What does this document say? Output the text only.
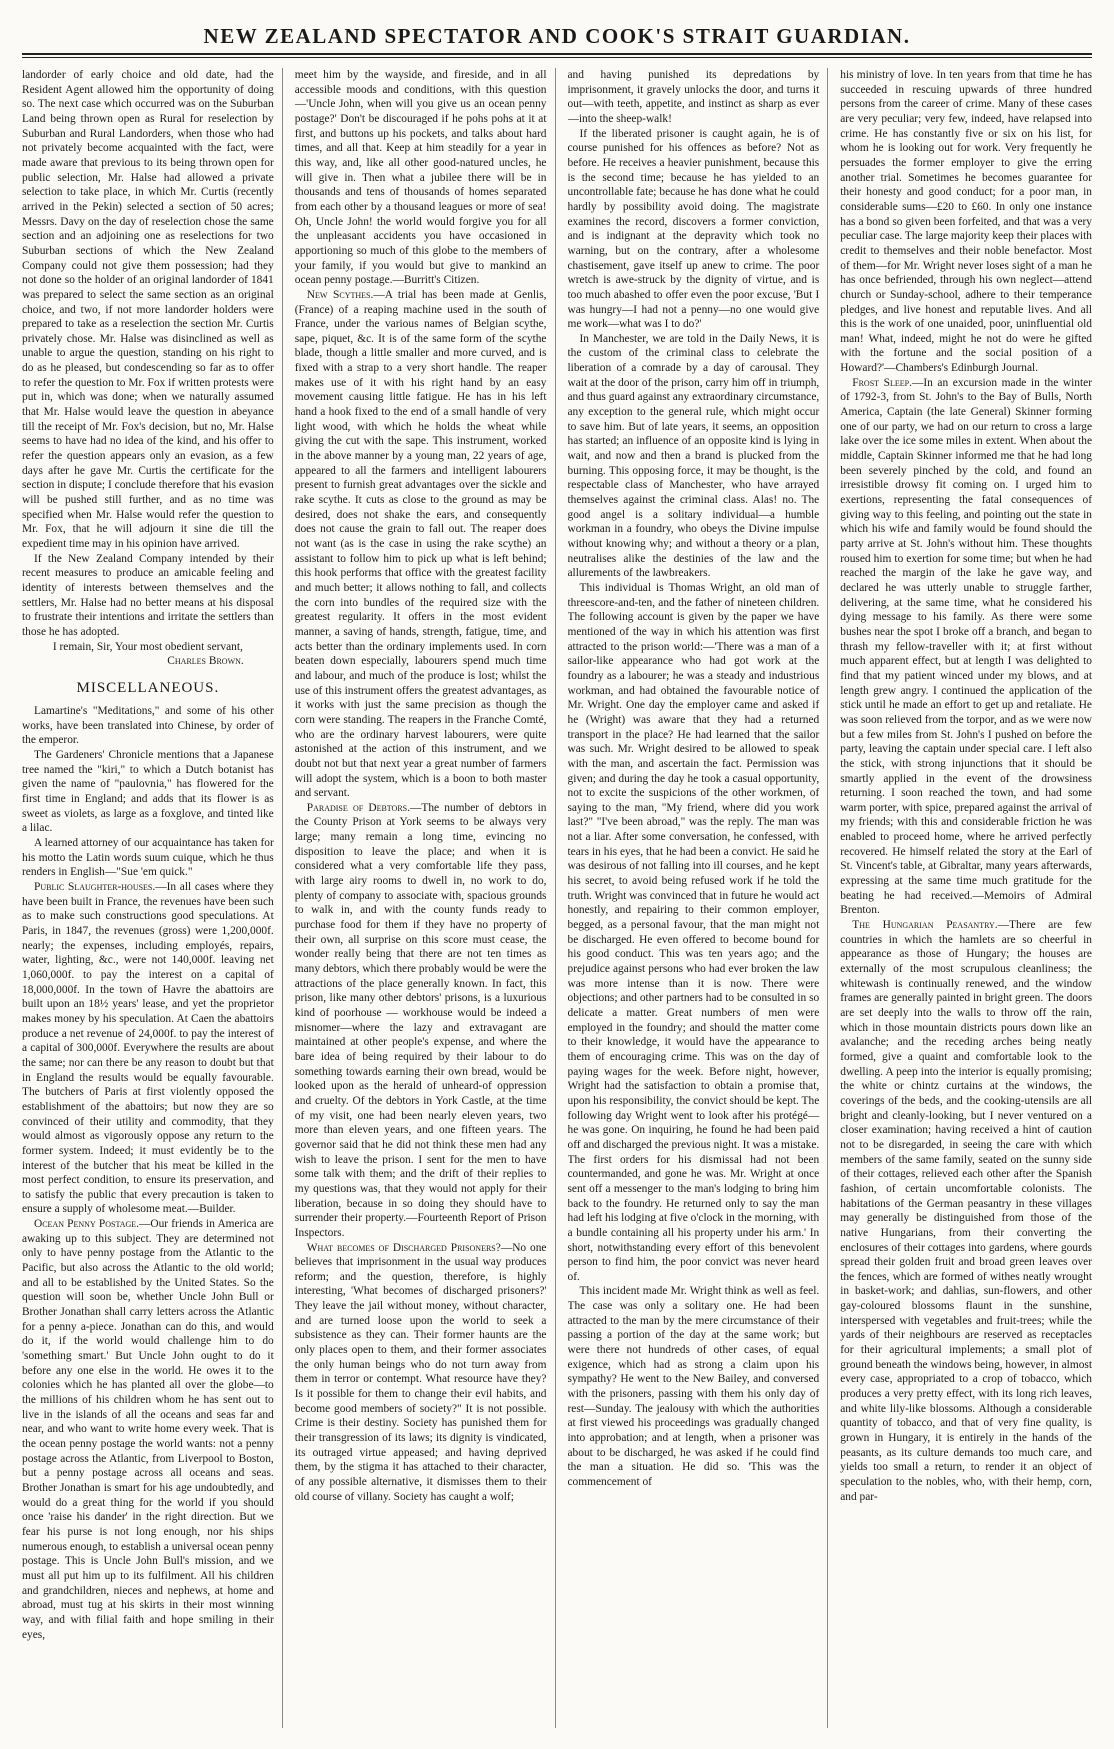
NEW ZEALAND SPECTATOR AND COOK'S STRAIT GUARDIAN.

landorder of early choice and old date, had the Resident Agent allowed him the opportunity of doing so. The next case which occurred was on the Suburban Land being thrown open as Rural for reselection by Suburban and Rural Landorders, when those who had not privately become acquainted with the fact, were made aware that previous to its being thrown open for public selection, Mr. Halse had allowed a private selection to take place, in which Mr. Curtis (recently arrived in the Pekin) selected a section of 50 acres; Messrs. Davy on the day of reselection chose the same section and an adjoining one as reselections for two Suburban sections of which the New Zealand Company could not give them possession; had they not done so the holder of an original landorder of 1841 was prepared to select the same section as an original choice, and two, if not more landorder holders were prepared to take as a reselection the section Mr. Curtis privately chose. Mr. Halse was disinclined as well as unable to argue the question, standing on his right to do as he pleased, but condescending so far as to offer to refer the question to Mr. Fox if written protests were put in, which was done; when we naturally assumed that Mr. Halse would leave the question in abeyance till the receipt of Mr. Fox's decision, but no, Mr. Halse seems to have had no idea of the kind, and his offer to refer the question appears only an evasion, as a few days after he gave Mr. Curtis the certificate for the section in dispute; I conclude therefore that his evasion will be pushed still further, and as no time was specified when Mr. Halse would refer the question to Mr. Fox, that he will adjourn it sine die till the expedient time may in his opinion have arrived.

If the New Zealand Company intended by their recent measures to produce an amicable feeling and identity of interests between themselves and the settlers, Mr. Halse had no better means at his disposal to frustrate their intentions and irritate the settlers than those he has adopted.

I remain, Sir, Your most obedient servant,

Charles Brown.

MISCELLANEOUS.

Lamartine's "Meditations," and some of his other works, have been translated into Chinese, by order of the emperor.

The Gardeners' Chronicle mentions that a Japanese tree named the "kiri," to which a Dutch botanist has given the name of "paulovnia," has flowered for the first time in England; and adds that its flower is as sweet as violets, as large as a foxglove, and tinted like a lilac.

A learned attorney of our acquaintance has taken for his motto the Latin words suum cuique, which he thus renders in English—"Sue 'em quick."

Public Slaughter-houses.—In all cases where they have been built in France, the revenues have been such as to make such constructions good speculations. At Paris, in 1847, the revenues (gross) were 1,200,000f. nearly; the expenses, including employés, repairs, water, lighting, &c., were not 140,000f. leaving net 1,060,000f. to pay the interest on a capital of 18,000,000f. In the town of Havre the abattoirs are built upon an 18½ years' lease, and yet the proprietor makes money by his speculation. At Caen the abattoirs produce a net revenue of 24,000f. to pay the interest of a capital of 300,000f. Everywhere the results are about the same; nor can there be any reason to doubt but that in England the results would be equally favourable. The butchers of Paris at first violently opposed the establishment of the abattoirs; but now they are so convinced of their utility and commodity, that they would almost as vigorously oppose any return to the former system. Indeed; it must evidently be to the interest of the butcher that his meat be killed in the most perfect condition, to ensure its preservation, and to satisfy the public that every precaution is taken to ensure a supply of wholesome meat.—Builder.

Ocean Penny Postage.—Our friends in America are awaking up to this subject. They are determined not only to have penny postage from the Atlantic to the Pacific, but also across the Atlantic to the old world; and all to be established by the United States. So the question will soon be, whether Uncle John Bull or Brother Jonathan shall carry letters across the Atlantic for a penny a-piece. Jonathan can do this, and would do it, if the world would challenge him to do 'something smart.' But Uncle John ought to do it before any one else in the world. He owes it to the colonies which he has planted all over the globe—to the millions of his children whom he has sent out to live in the islands of all the oceans and seas far and near, and who want to write home every week. That is the ocean penny postage the world wants: not a penny postage across the Atlantic, from Liverpool to Boston, but a penny postage across all oceans and seas. Brother Jonathan is smart for his age undoubtedly, and would do a great thing for the world if you should once 'raise his dander' in the right direction. But we fear his purse is not long enough, nor his ships numerous enough, to establish a universal ocean penny postage. This is Uncle John Bull's mission, and we must all put him up to its fulfilment. All his children and grandchildren, nieces and nephews, at home and abroad, must tug at his skirts in their most winning way, and with filial faith and hope smiling in their eyes,

meet him by the wayside, and fireside, and in all accessible moods and conditions, with this question—'Uncle John, when will you give us an ocean penny postage?' Don't be discouraged if he pohs pohs at it at first, and buttons up his pockets, and talks about hard times, and all that. Keep at him steadily for a year in this way, and, like all other good-natured uncles, he will give in. Then what a jubilee there will be in thousands and tens of thousands of homes separated from each other by a thousand leagues or more of sea! Oh, Uncle John! the world would forgive you for all the unpleasant accidents you have occasioned in apportioning so much of this globe to the members of your family, if you would but give to mankind an ocean penny postage.—Burritt's Citizen.

New Scythes.—A trial has been made at Genlis, (France) of a reaping machine used in the south of France, under the various names of Belgian scythe, sape, piquet, &c. It is of the same form of the scythe blade, though a little smaller and more curved, and is fixed with a strap to a very short handle. The reaper makes use of it with his right hand by an easy movement causing little fatigue. He has in his left hand a hook fixed to the end of a small handle of very light wood, with which he holds the wheat while giving the cut with the sape. This instrument, worked in the above manner by a young man, 22 years of age, appeared to all the farmers and intelligent labourers present to furnish great advantages over the sickle and rake scythe. It cuts as close to the ground as may be desired, does not shake the ears, and consequently does not cause the grain to fall out. The reaper does not want (as is the case in using the rake scythe) an assistant to follow him to pick up what is left behind; this hook performs that office with the greatest facility and much better; it allows nothing to fall, and collects the corn into bundles of the required size with the greatest regularity. It offers in the most evident manner, a saving of hands, strength, fatigue, time, and acts better than the ordinary implements used. In corn beaten down especially, labourers spend much time and labour, and much of the produce is lost; whilst the use of this instrument offers the greatest advantages, as it works with just the same precision as though the corn were standing. The reapers in the Franche Comté, who are the ordinary harvest labourers, were quite astonished at the action of this instrument, and we doubt not but that next year a great number of farmers will adopt the system, which is a boon to both master and servant.

Paradise of Debtors.—The number of debtors in the County Prison at York seems to be always very large; many remain a long time, evincing no disposition to leave the place; and when it is considered what a very comfortable life they pass, with large airy rooms to dwell in, no work to do, plenty of company to associate with, spacious grounds to walk in, and with the county funds ready to purchase food for them if they have no property of their own, all surprise on this score must cease, the wonder really being that there are not ten times as many debtors, which there probably would be were the attractions of the place generally known. In fact, this prison, like many other debtors' prisons, is a luxurious kind of poorhouse — workhouse would be indeed a misnomer—where the lazy and extravagant are maintained at other people's expense, and where the bare idea of being required by their labour to do something towards earning their own bread, would be looked upon as the herald of unheard-of oppression and cruelty. Of the debtors in York Castle, at the time of my visit, one had been nearly eleven years, two more than eleven years, and one fifteen years. The governor said that he did not think these men had any wish to leave the prison. I sent for the men to have some talk with them; and the drift of their replies to my questions was, that they would not apply for their liberation, because in so doing they should have to surrender their property.—Fourteenth Report of Prison Inspectors.

What becomes of Discharged Prisoners?—No one believes that imprisonment in the usual way produces reform; and the question, therefore, is highly interesting, 'What becomes of discharged prisoners?' They leave the jail without money, without character, and are turned loose upon the world to seek a subsistence as they can. Their former haunts are the only places open to them, and their former associates the only human beings who do not turn away from them in terror or contempt. What resource have they? Is it possible for them to change their evil habits, and become good members of society?" It is not possible. Crime is their destiny. Society has punished them for their transgression of its laws; its dignity is vindicated, its outraged virtue appeased; and having deprived them, by the stigma it has attached to their character, of any possible alternative, it dismisses them to their old course of villany. Society has caught a wolf;

and having punished its depredations by imprisonment, it gravely unlocks the door, and turns it out—with teeth, appetite, and instinct as sharp as ever—into the sheep-walk!

If the liberated prisoner is caught again, he is of course punished for his offences as before? Not as before. He receives a heavier punishment, because this is the second time; because he has yielded to an uncontrollable fate; because he has done what he could hardly by possibility avoid doing. The magistrate examines the record, discovers a former conviction, and is indignant at the depravity which took no warning, but on the contrary, after a wholesome chastisement, gave itself up anew to crime. The poor wretch is awe-struck by the dignity of virtue, and is too much abashed to offer even the poor excuse, 'But I was hungry—I had not a penny—no one would give me work—what was I to do?'

In Manchester, we are told in the Daily News, it is the custom of the criminal class to celebrate the liberation of a comrade by a day of carousal. They wait at the door of the prison, carry him off in triumph, and thus guard against any extraordinary circumstance, any exception to the general rule, which might occur to save him. But of late years, it seems, an opposition has started; an influence of an opposite kind is lying in wait, and now and then a brand is plucked from the burning. This opposing force, it may be thought, is the respectable class of Manchester, who have arrayed themselves against the criminal class. Alas! no. The good angel is a solitary individual—a humble workman in a foundry, who obeys the Divine impulse without knowing why; and without a theory or a plan, neutralises alike the destinies of the law and the allurements of the lawbreakers.

This individual is Thomas Wright, an old man of threescore-and-ten, and the father of nineteen children. The following account is given by the paper we have mentioned of the way in which his attention was first attracted to the prison world:—'There was a man of a sailor-like appearance who had got work at the foundry as a labourer; he was a steady and industrious workman, and had obtained the favourable notice of Mr. Wright. One day the employer came and asked if he (Wright) was aware that they had a returned transport in the place? He had learned that the sailor was such. Mr. Wright desired to be allowed to speak with the man, and ascertain the fact. Permission was given; and during the day he took a casual opportunity, not to excite the suspicions of the other workmen, of saying to the man, "My friend, where did you work last?" "I've been abroad," was the reply. The man was not a liar. After some conversation, he confessed, with tears in his eyes, that he had been a convict. He said he was desirous of not falling into ill courses, and he kept his secret, to avoid being refused work if he told the truth. Wright was convinced that in future he would act honestly, and repairing to their common employer, begged, as a personal favour, that the man might not be discharged. He even offered to become bound for his good conduct. This was ten years ago; and the prejudice against persons who had ever broken the law was more intense than it is now. There were objections; and other partners had to be consulted in so delicate a matter. Great numbers of men were employed in the foundry; and should the matter come to their knowledge, it would have the appearance to them of encouraging crime. This was on the day of paying wages for the week. Before night, however, Wright had the satisfaction to obtain a promise that, upon his responsibility, the convict should be kept. The following day Wright went to look after his protégé—he was gone. On inquiring, he found he had been paid off and discharged the previous night. It was a mistake. The first orders for his dismissal had not been countermanded, and gone he was. Mr. Wright at once sent off a messenger to the man's lodging to bring him back to the foundry. He returned only to say the man had left his lodging at five o'clock in the morning, with a bundle containing all his property under his arm.' In short, notwithstanding every effort of this benevolent person to find him, the poor convict was never heard of.

This incident made Mr. Wright think as well as feel. The case was only a solitary one. He had been attracted to the man by the mere circumstance of their passing a portion of the day at the same work; but were there not hundreds of other cases, of equal exigence, which had as strong a claim upon his sympathy? He went to the New Bailey, and conversed with the prisoners, passing with them his only day of rest—Sunday. The jealousy with which the authorities at first viewed his proceedings was gradually changed into approbation; and at length, when a prisoner was about to be discharged, he was asked if he could find the man a situation. He did so. 'This was the commencement of

his ministry of love. In ten years from that time he has succeeded in rescuing upwards of three hundred persons from the career of crime. Many of these cases are very peculiar; very few, indeed, have relapsed into crime. He has constantly five or six on his list, for whom he is looking out for work. Very frequently he persuades the former employer to give the erring another trial. Sometimes he becomes guarantee for their honesty and good conduct; for a poor man, in considerable sums—£20 to £60. In only one instance has a bond so given been forfeited, and that was a very peculiar case. The large majority keep their places with credit to themselves and their noble benefactor. Most of them—for Mr. Wright never loses sight of a man he has once befriended, through his own neglect—attend church or Sunday-school, adhere to their temperance pledges, and live honest and reputable lives. And all this is the work of one unaided, poor, uninfluential old man! What, indeed, might he not do were he gifted with the fortune and the social position of a Howard?'—Chambers's Edinburgh Journal.

Frost Sleep.—In an excursion made in the winter of 1792-3, from St. John's to the Bay of Bulls, North America, Captain (the late General) Skinner forming one of our party, we had on our return to cross a large lake over the ice some miles in extent. When about the middle, Captain Skinner informed me that he had long been severely pinched by the cold, and found an irresistible drowsy fit coming on. I urged him to exertions, representing the fatal consequences of giving way to this feeling, and pointing out the state in which his wife and family would be found should the party arrive at St. John's without him. These thoughts roused him to exertion for some time; but when he had reached the margin of the lake he gave way, and declared he was utterly unable to struggle farther, delivering, at the same time, what he considered his dying message to his family. As there were some bushes near the spot I broke off a branch, and began to thrash my fellow-traveller with it; at first without much apparent effect, but at length I was delighted to find that my patient winced under my blows, and at length grew angry. I continued the application of the stick until he made an effort to get up and retaliate. He was soon relieved from the torpor, and as we were now but a few miles from St. John's I pushed on before the party, leaving the captain under special care. I left also the stick, with strong injunctions that it should be smartly applied in the event of the drowsiness returning. I soon reached the town, and had some warm porter, with spice, prepared against the arrival of my friends; with this and considerable friction he was enabled to proceed home, where he arrived perfectly recovered. He himself related the story at the Earl of St. Vincent's table, at Gibraltar, many years afterwards, expressing at the same time much gratitude for the beating he had received.—Memoirs of Admiral Brenton.

The Hungarian Peasantry.—There are few countries in which the hamlets are so cheerful in appearance as those of Hungary; the houses are externally of the most scrupulous cleanliness; the whitewash is continually renewed, and the window frames are generally painted in bright green. The doors are set deeply into the walls to throw off the rain, which in those mountain districts pours down like an avalanche; and the receding arches being neatly formed, give a quaint and comfortable look to the dwelling. A peep into the interior is equally promising; the white or chintz curtains at the windows, the coverings of the beds, and the cooking-utensils are all bright and cleanly-looking, but I never ventured on a closer examination; having received a hint of caution not to be disregarded, in seeing the care with which members of the same family, seated on the sunny side of their cottages, relieved each other after the Spanish fashion, of certain uncomfortable colonists. The habitations of the German peasantry in these villages may generally be distinguished from those of the native Hungarians, from their converting the enclosures of their cottages into gardens, where gourds spread their golden fruit and broad green leaves over the fences, which are formed of withes neatly wrought in basket-work; and dahlias, sun-flowers, and other gay-coloured blossoms flaunt in the sunshine, interspersed with vegetables and fruit-trees; while the yards of their neighbours are reserved as receptacles for their agricultural implements; a small plot of ground beneath the windows being, however, in almost every case, appropriated to a crop of tobacco, which produces a very pretty effect, with its long rich leaves, and white lily-like blossoms. Although a considerable quantity of tobacco, and that of very fine quality, is grown in Hungary, it is entirely in the hands of the peasants, as its culture demands too much care, and yields too small a return, to render it an object of speculation to the nobles, who, with their hemp, corn, and par-
